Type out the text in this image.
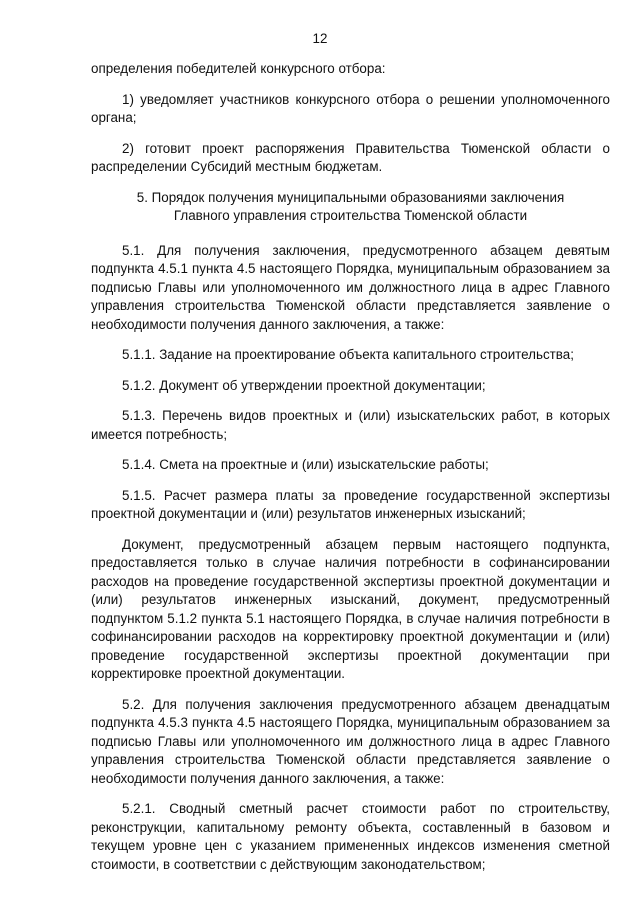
12

определения победителей конкурсного отбора:

1) уведомляет участников конкурсного отбора о решении уполномоченного органа;

2) готовит проект распоряжения Правительства Тюменской области о распределении Субсидий местным бюджетам.

5. Порядок получения муниципальными образованиями заключения
Главного управления строительства Тюменской области

5.1. Для получения заключения, предусмотренного абзацем девятым подпункта 4.5.1 пункта 4.5 настоящего Порядка, муниципальным образованием за подписью Главы или уполномоченного им должностного лица в адрес Главного управления строительства Тюменской области представляется заявление о необходимости получения данного заключения, а также:

5.1.1. Задание на проектирование объекта капитального строительства;

5.1.2. Документ об утверждении проектной документации;

5.1.3. Перечень видов проектных и (или) изыскательских работ, в которых имеется потребность;

5.1.4. Смета на проектные и (или) изыскательские работы;

5.1.5. Расчет размера платы за проведение государственной экспертизы проектной документации и (или) результатов инженерных изысканий;

Документ, предусмотренный абзацем первым настоящего подпункта, предоставляется только в случае наличия потребности в софинансировании расходов на проведение государственной экспертизы проектной документации и (или) результатов инженерных изысканий, документ, предусмотренный подпунктом 5.1.2 пункта 5.1 настоящего Порядка, в случае наличия потребности в софинансировании расходов на корректировку проектной документации и (или) проведение государственной экспертизы проектной документации при корректировке проектной документации.

5.2. Для получения заключения предусмотренного абзацем двенадцатым подпункта 4.5.3 пункта 4.5 настоящего Порядка, муниципальным образованием за подписью Главы или уполномоченного им должностного лица в адрес Главного управления строительства Тюменской области представляется заявление о необходимости получения данного заключения, а также:

5.2.1. Сводный сметный расчет стоимости работ по строительству, реконструкции, капитальному ремонту объекта, составленный в базовом и текущем уровне цен с указанием примененных индексов изменения сметной стоимости, в соответствии с действующим законодательством;
